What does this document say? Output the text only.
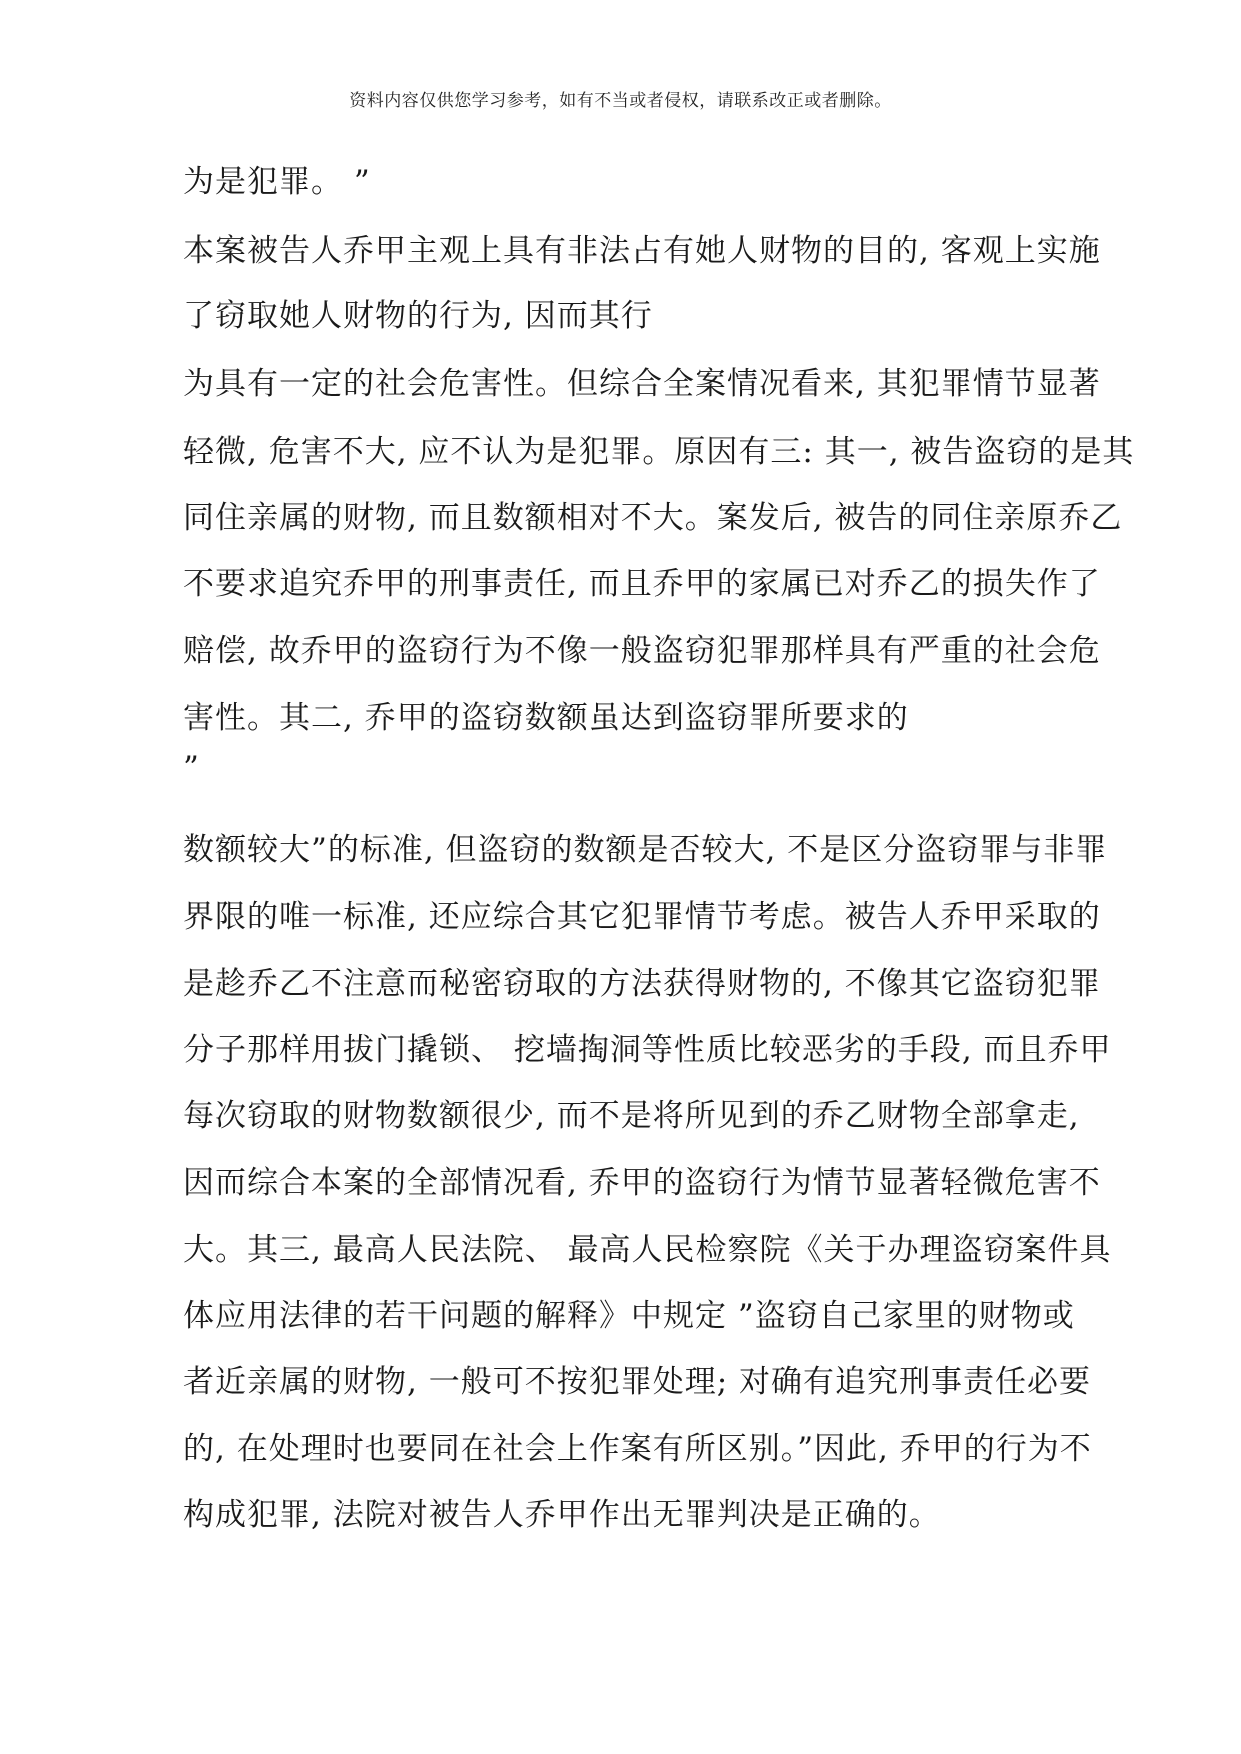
资料内容仅供您学习参考，如有不当或者侵权，请联系改正或者删除。
为是犯罪。 ”
本案被告人乔甲主观上具有非法占有她人财物的目的, 客观上实施
了窃取她人财物的行为, 因而其行
为具有一定的社会危害性。但综合全案情况看来, 其犯罪情节显著
轻微, 危害不大, 应不认为是犯罪。原因有三: 其一, 被告盗窃的是其
同住亲属的财物, 而且数额相对不大。案发后, 被告的同住亲原乔乙
不要求追究乔甲的刑事责任, 而且乔甲的家属已对乔乙的损失作了
赔偿, 故乔甲的盗窃行为不像一般盗窃犯罪那样具有严重的社会危
害性。其二, 乔甲的盗窃数额虽达到盗窃罪所要求的
”
数额较大”的标准, 但盗窃的数额是否较大, 不是区分盗窃罪与非罪
界限的唯一标准, 还应综合其它犯罪情节考虑。被告人乔甲采取的
是趁乔乙不注意而秘密窃取的方法获得财物的, 不像其它盗窃犯罪
分子那样用拔门撬锁、 挖墙掏洞等性质比较恶劣的手段, 而且乔甲
每次窃取的财物数额很少, 而不是将所见到的乔乙财物全部拿走,
因而综合本案的全部情况看, 乔甲的盗窃行为情节显著轻微危害不
大。其三, 最高人民法院、 最高人民检察院《关于办理盗窃案件具
体应用法律的若干问题的解释》中规定 ”盗窃自己家里的财物或
者近亲属的财物, 一般可不按犯罪处理; 对确有追究刑事责任必要
的, 在处理时也要同在社会上作案有所区别。”因此, 乔甲的行为不
构成犯罪, 法院对被告人乔甲作出无罪判决是正确的。
